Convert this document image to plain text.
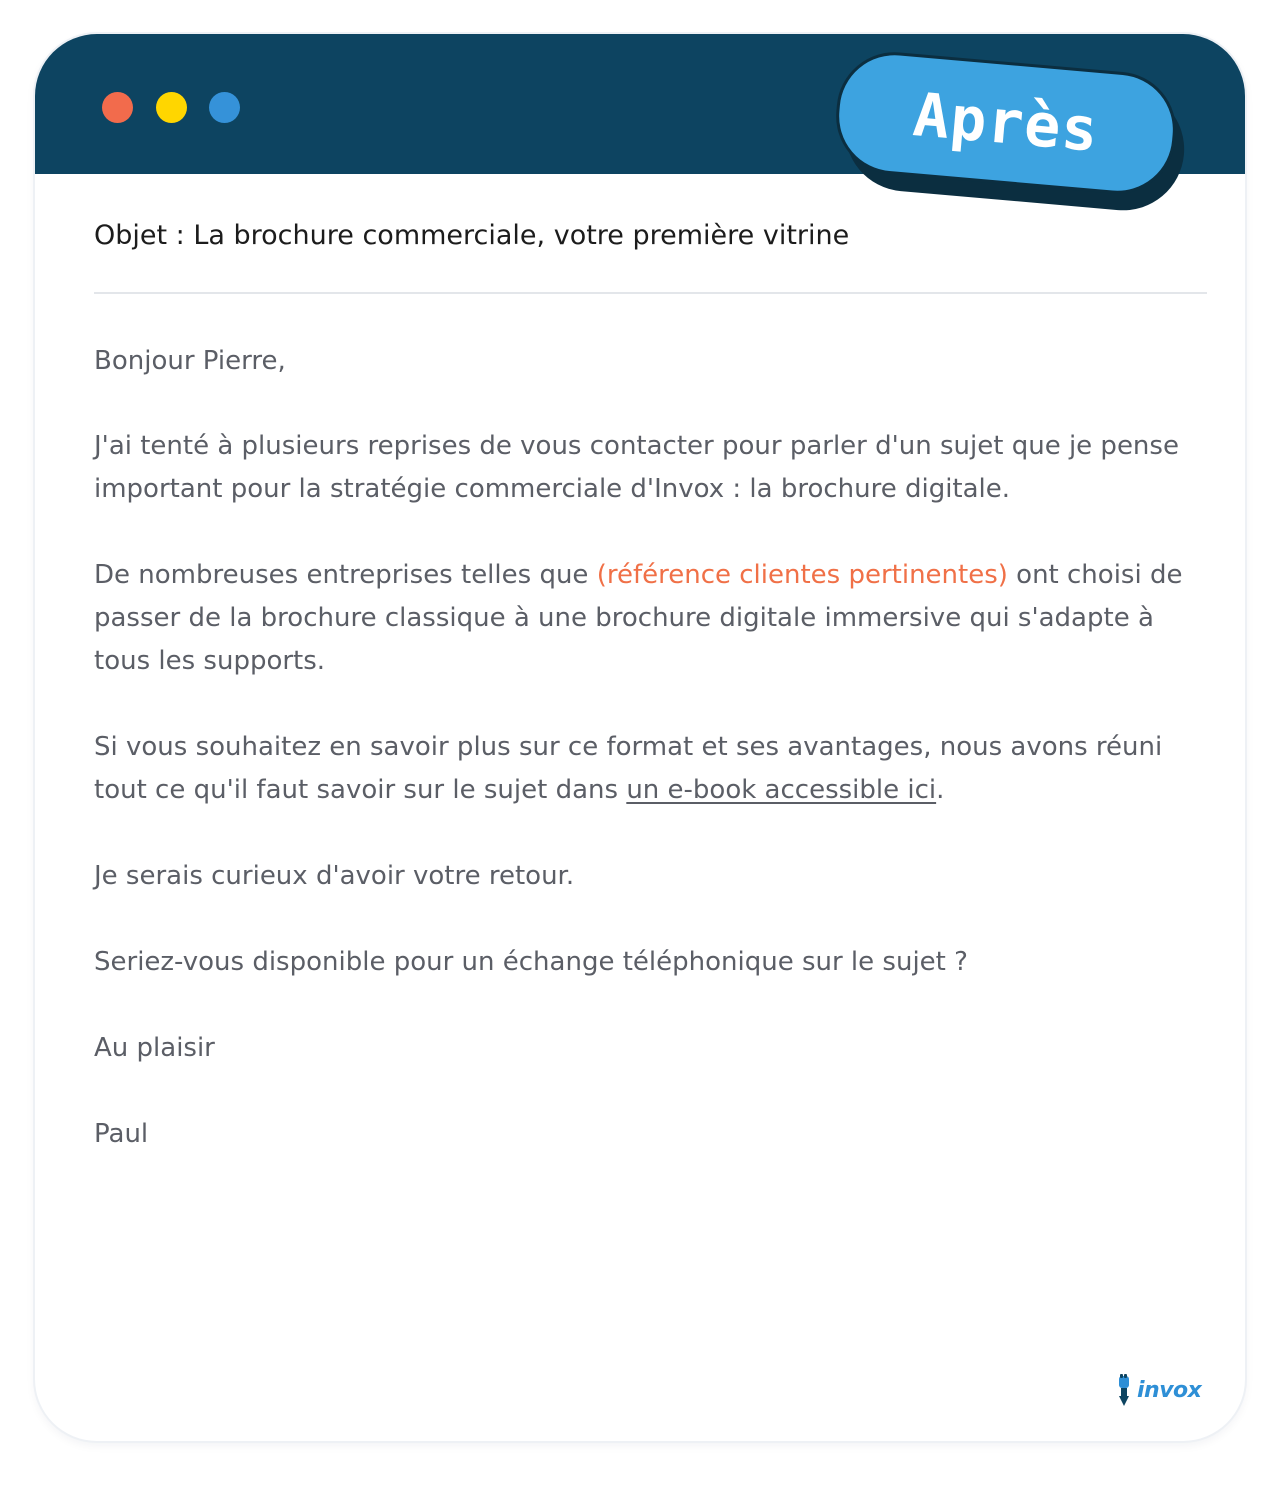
Objet : La brochure commerciale, votre première vitrine

Bonjour Pierre,

J'ai tenté à plusieurs reprises de vous contacter pour parler d'un sujet que je pense important pour la stratégie commerciale d'Invox : la brochure digitale.

De nombreuses entreprises telles que (référence clientes pertinentes) ont choisi de passer de la brochure classique à une brochure digitale immersive qui s'adapte à tous les supports.

Si vous souhaitez en savoir plus sur ce format et ses avantages, nous avons réuni tout ce qu'il faut savoir sur le sujet dans un e-book accessible ici.

Je serais curieux d'avoir votre retour.

Seriez-vous disponible pour un échange téléphonique sur le sujet ?

Au plaisir

Paul

invox
Après
